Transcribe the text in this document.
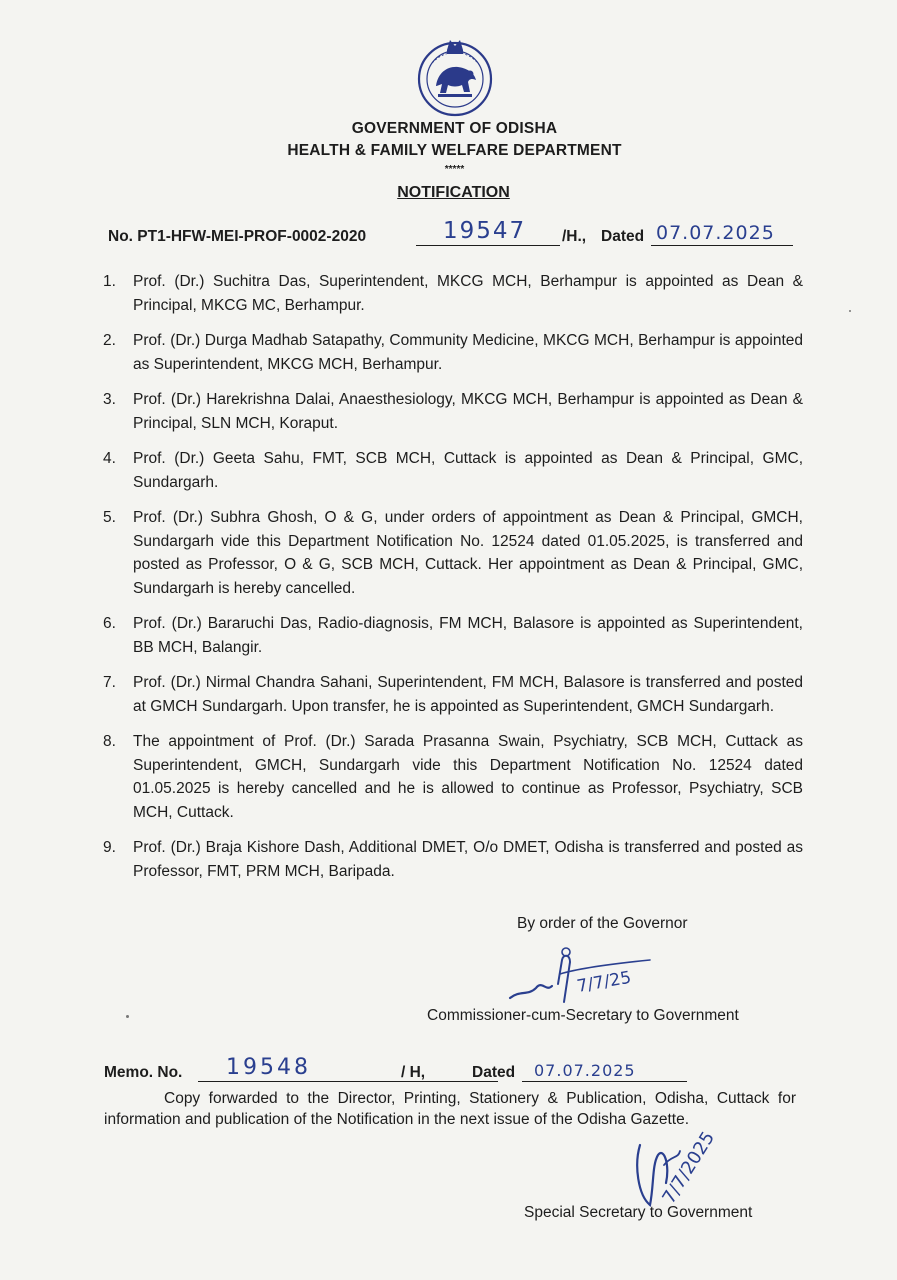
GOVERNMENT OF ODISHA
HEALTH & FAMILY WELFARE DEPARTMENT
*****
NOTIFICATION
No. PT1-HFW-MEI-PROF-0002-2020	19547 /H., Dated 07.07.2025
1.	Prof. (Dr.) Suchitra Das, Superintendent, MKCG MCH, Berhampur is appointed as Dean & Principal, MKCG MC, Berhampur.
2.	Prof. (Dr.) Durga Madhab Satapathy, Community Medicine, MKCG MCH, Berhampur is appointed as Superintendent, MKCG MCH, Berhampur.
3.	Prof. (Dr.) Harekrishna Dalai, Anaesthesiology, MKCG MCH, Berhampur is appointed as Dean & Principal, SLN MCH, Koraput.
4.	Prof. (Dr.) Geeta Sahu, FMT, SCB MCH, Cuttack is appointed as Dean & Principal, GMC, Sundargarh.
5.	Prof. (Dr.) Subhra Ghosh, O & G, under orders of appointment as Dean & Principal, GMCH, Sundargarh vide this Department Notification No. 12524 dated 01.05.2025, is transferred and posted as Professor, O & G, SCB MCH, Cuttack. Her appointment as Dean & Principal, GMC, Sundargarh is hereby cancelled.
6.	Prof. (Dr.) Bararuchi Das, Radio-diagnosis, FM MCH, Balasore is appointed as Superintendent, BB MCH, Balangir.
7.	Prof. (Dr.) Nirmal Chandra Sahani, Superintendent, FM MCH, Balasore is transferred and posted at GMCH Sundargarh. Upon transfer, he is appointed as Superintendent, GMCH Sundargarh.
8.	The appointment of Prof. (Dr.) Sarada Prasanna Swain, Psychiatry, SCB MCH, Cuttack as Superintendent, GMCH, Sundargarh vide this Department Notification No. 12524 dated 01.05.2025 is hereby cancelled and he is allowed to continue as Professor, Psychiatry, SCB MCH, Cuttack.
9.	Prof. (Dr.) Braja Kishore Dash, Additional DMET, O/o DMET, Odisha is transferred and posted as Professor, FMT, PRM MCH, Baripada.
By order of the Governor
7/7/25
Commissioner-cum-Secretary to Government
Memo. No. 19548	/ H,	Dated 07.07.2025
Copy forwarded to the Director, Printing, Stationery & Publication, Odisha, Cuttack for information and publication of the Notification in the next issue of the Odisha Gazette.
7/7/2025
Special Secretary to Government
